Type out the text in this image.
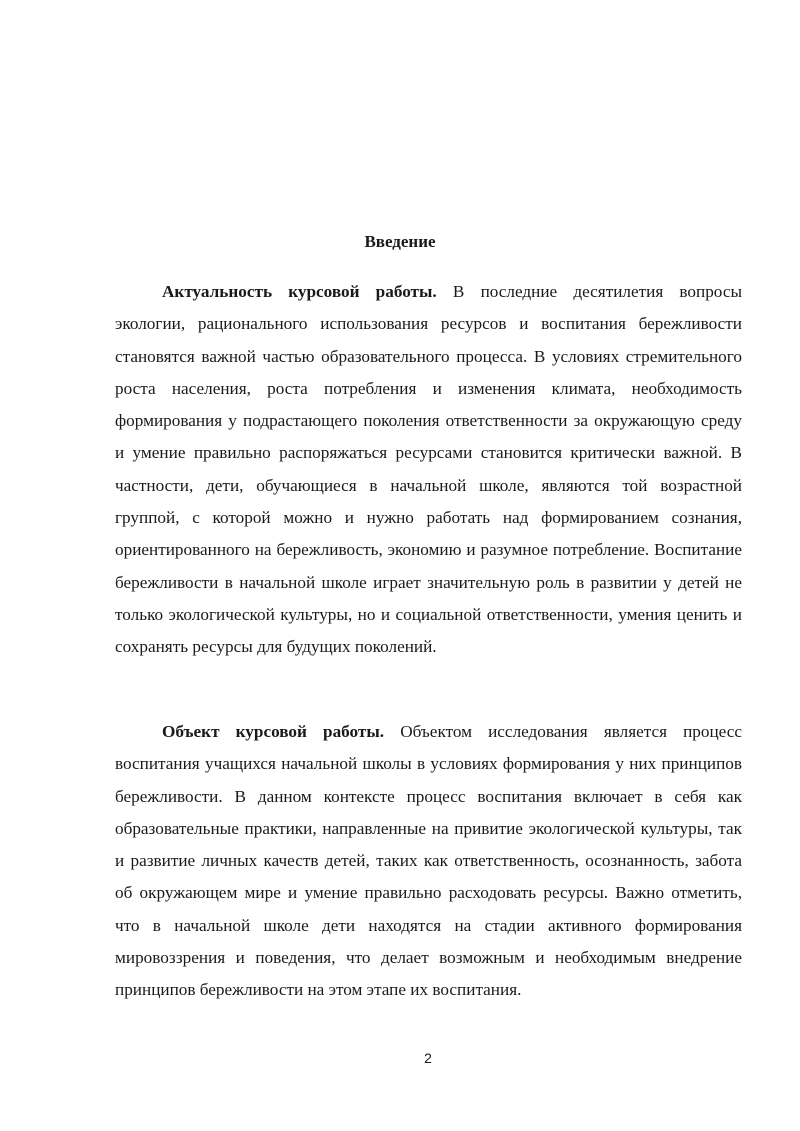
Введение

Актуальность курсовой работы. В последние десятилетия вопросы экологии, рационального использования ресурсов и воспитания бережливости становятся важной частью образовательного процесса. В условиях стремительного роста населения, роста потребления и изменения климата, необходимость формирования у подрастающего поколения ответственности за окружающую среду и умение правильно распоряжаться ресурсами становится критически важной. В частности, дети, обучающиеся в начальной школе, являются той возрастной группой, с которой можно и нужно работать над формированием сознания, ориентированного на бережливость, экономию и разумное потребление. Воспитание бережливости в начальной школе играет значительную роль в развитии у детей не только экологической культуры, но и социальной ответственности, умения ценить и сохранять ресурсы для будущих поколений.

Объект курсовой работы. Объектом исследования является процесс воспитания учащихся начальной школы в условиях формирования у них принципов бережливости. В данном контексте процесс воспитания включает в себя как образовательные практики, направленные на привитие экологической культуры, так и развитие личных качеств детей, таких как ответственность, осознанность, забота об окружающем мире и умение правильно расходовать ресурсы. Важно отметить, что в начальной школе дети находятся на стадии активного формирования мировоззрения и поведения, что делает возможным и необходимым внедрение принципов бережливости на этом этапе их воспитания.

2
